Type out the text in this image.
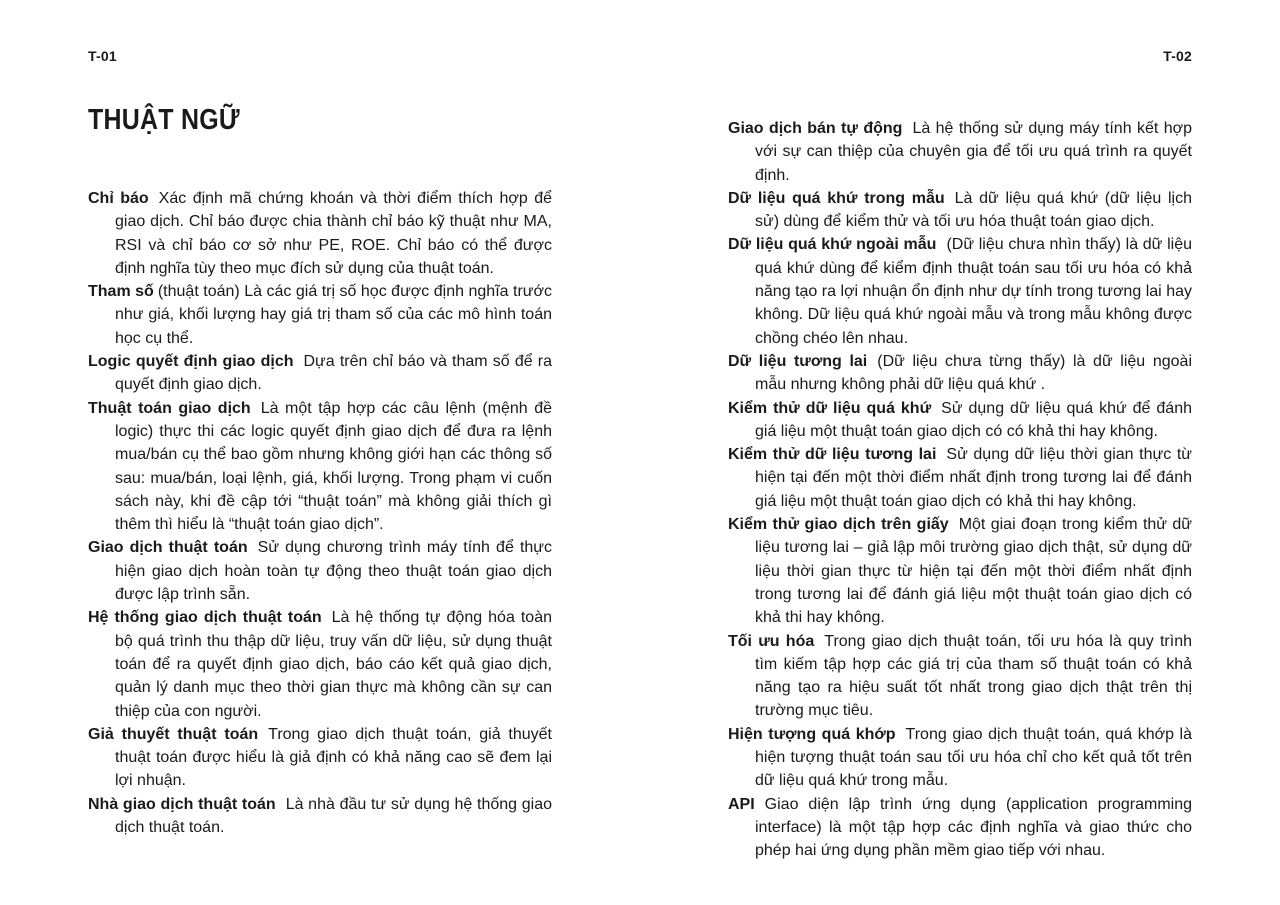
T-01
THUẬT NGỮ

Chỉ báo Xác định mã chứng khoán và thời điểm thích hợp để giao dịch. Chỉ báo được chia thành chỉ báo kỹ thuật như MA, RSI và chỉ báo cơ sở như PE, ROE. Chỉ báo có thể được định nghĩa tùy theo mục đích sử dụng của thuật toán.

Tham số (thuật toán) Là các giá trị số học được định nghĩa trước như giá, khối lượng hay giá trị tham số của các mô hình toán học cụ thể.

Logic quyết định giao dịch Dựa trên chỉ báo và tham số để ra quyết định giao dịch.

Thuật toán giao dịch Là một tập hợp các câu lệnh (mệnh đề logic) thực thi các logic quyết định giao dịch để đưa ra lệnh mua/bán cụ thể bao gồm nhưng không giới hạn các thông số sau: mua/bán, loại lệnh, giá, khối lượng. Trong phạm vi cuốn sách này, khi đề cập tới “thuật toán” mà không giải thích gì thêm thì hiểu là “thuật toán giao dịch”.

Giao dịch thuật toán Sử dụng chương trình máy tính để thực hiện giao dịch hoàn toàn tự động theo thuật toán giao dịch được lập trình sẵn.

Hệ thống giao dịch thuật toán Là hệ thống tự động hóa toàn bộ quá trình thu thập dữ liệu, truy vấn dữ liệu, sử dụng thuật toán để ra quyết định giao dịch, báo cáo kết quả giao dịch, quản lý danh mục theo thời gian thực mà không cần sự can thiệp của con người.

Giả thuyết thuật toán Trong giao dịch thuật toán, giả thuyết thuật toán được hiểu là giả định có khả năng cao sẽ đem lại lợi nhuận.

Nhà giao dịch thuật toán Là nhà đầu tư sử dụng hệ thống giao dịch thuật toán.

T-02

Giao dịch bán tự động Là hệ thống sử dụng máy tính kết hợp với sự can thiệp của chuyên gia để tối ưu quá trình ra quyết định.

Dữ liệu quá khứ trong mẫu Là dữ liệu quá khứ (dữ liệu lịch sử) dùng để kiểm thử và tối ưu hóa thuật toán giao dịch.

Dữ liệu quá khứ ngoài mẫu (Dữ liệu chưa nhìn thấy) là dữ liệu quá khứ dùng để kiểm định thuật toán sau tối ưu hóa có khả năng tạo ra lợi nhuận ổn định như dự tính trong tương lai hay không. Dữ liệu quá khứ ngoài mẫu và trong mẫu không được chồng chéo lên nhau.

Dữ liệu tương lai (Dữ liệu chưa từng thấy) là dữ liệu ngoài mẫu nhưng không phải dữ liệu quá khứ .

Kiểm thử dữ liệu quá khứ Sử dụng dữ liệu quá khứ để đánh giá liệu một thuật toán giao dịch có có khả thi hay không.

Kiểm thử dữ liệu tương lai Sử dụng dữ liệu thời gian thực từ hiện tại đến một thời điểm nhất định trong tương lai để đánh giá liệu một thuật toán giao dịch có khả thi hay không.

Kiểm thử giao dịch trên giấy Một giai đoạn trong kiểm thử dữ liệu tương lai – giả lập môi trường giao dịch thật, sử dụng dữ liệu thời gian thực từ hiện tại đến một thời điểm nhất định trong tương lai để đánh giá liệu một thuật toán giao dịch có khả thi hay không.

Tối ưu hóa Trong giao dịch thuật toán, tối ưu hóa là quy trình tìm kiếm tập hợp các giá trị của tham số thuật toán có khả năng tạo ra hiệu suất tốt nhất trong giao dịch thật trên thị trường mục tiêu.

Hiện tượng quá khớp Trong giao dịch thuật toán, quá khớp là hiện tượng thuật toán sau tối ưu hóa chỉ cho kết quả tốt trên dữ liệu quá khứ trong mẫu.

API Giao diện lập trình ứng dụng (application programming interface) là một tập hợp các định nghĩa và giao thức cho phép hai ứng dụng phần mềm giao tiếp với nhau.
